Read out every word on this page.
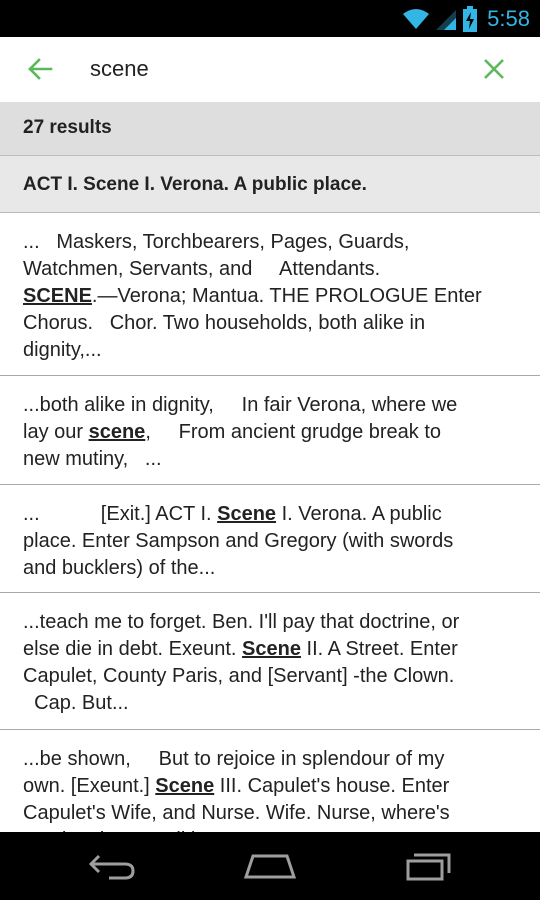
5:58
scene
27 results
ACT I. Scene I. Verona. A public place.
...   Maskers, Torchbearers, Pages, Guards,
Watchmen, Servants, and     Attendants.
SCENE.—Verona; Mantua. THE PROLOGUE Enter
Chorus.   Chor. Two households, both alike in
dignity,...
...both alike in dignity,     In fair Verona, where we
lay our scene,     From ancient grudge break to
new mutiny,   ...
...           [Exit.] ACT I. Scene I. Verona. A public
place. Enter Sampson and Gregory (with swords
and bucklers) of the...
...teach me to forget. Ben. I'll pay that doctrine, or
else die in debt. Exeunt. Scene II. A Street. Enter
Capulet, County Paris, and [Servant] -the Clown.
Cap. But...
...be shown,     But to rejoice in splendour of my
own. [Exeunt.] Scene III. Capulet's house. Enter
Capulet's Wife, and Nurse. Wife. Nurse, where's
